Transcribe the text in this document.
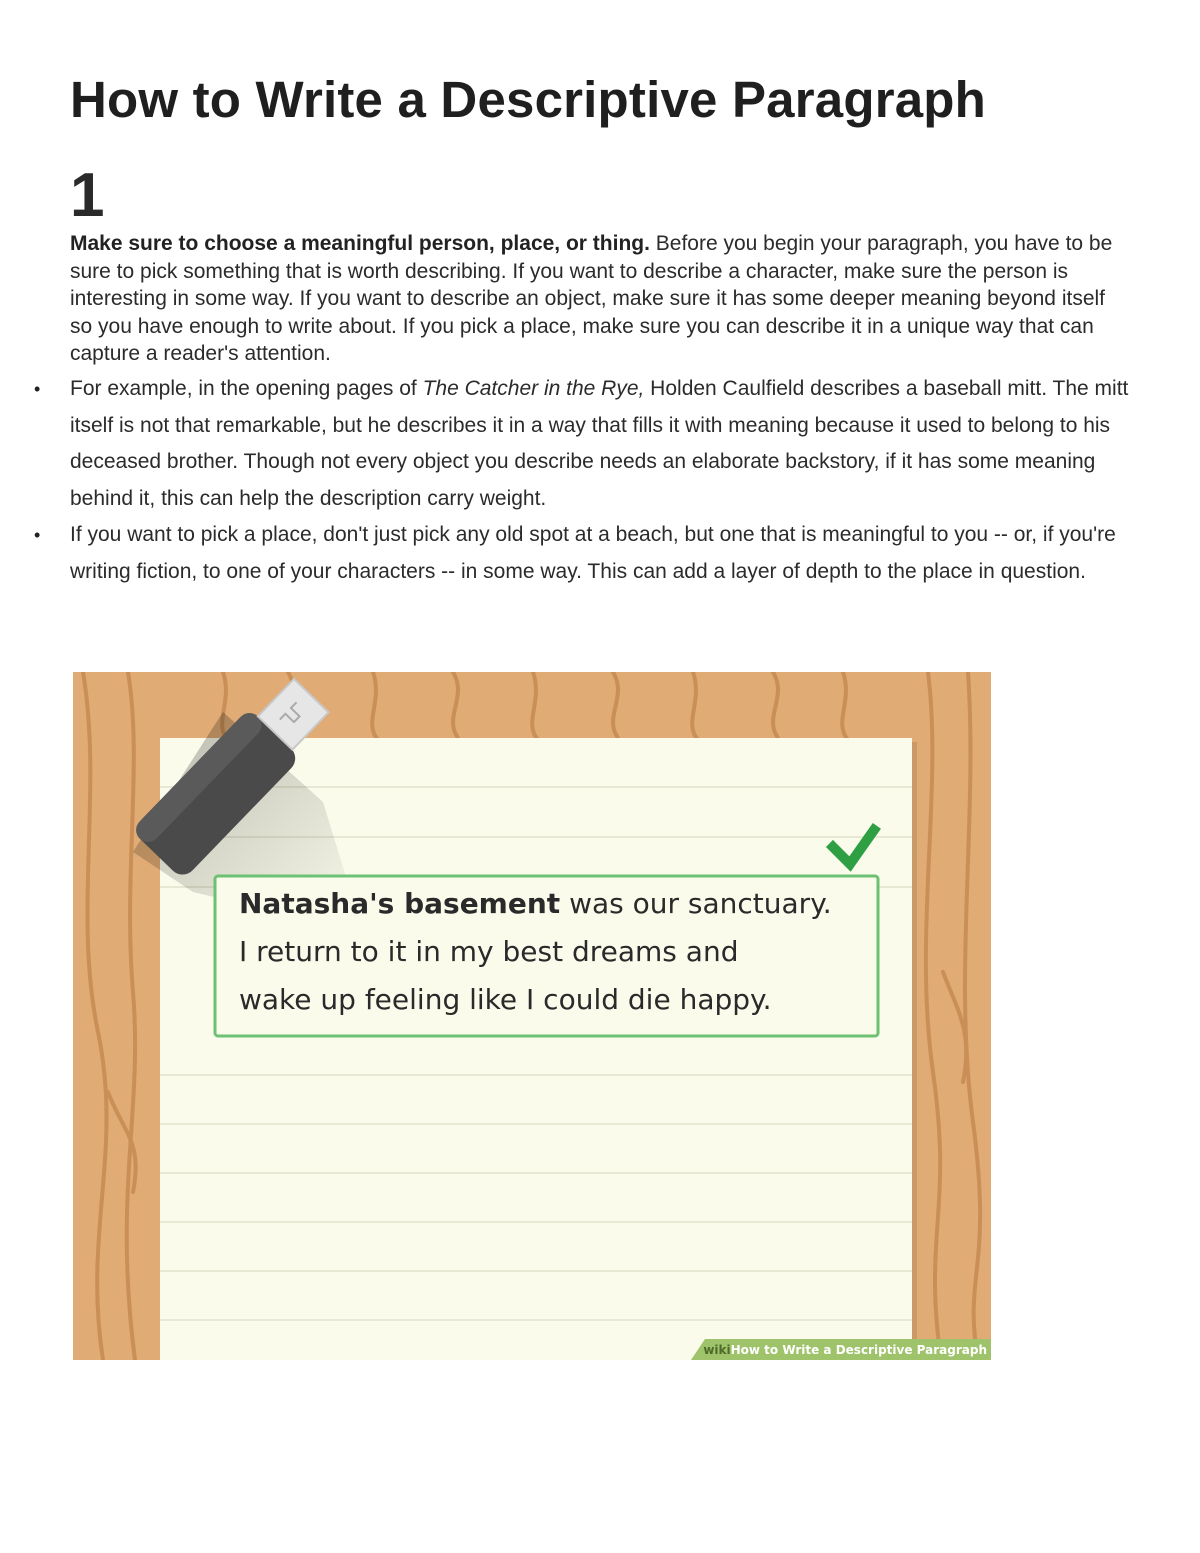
How to Write a Descriptive Paragraph
1

Make sure to choose a meaningful person, place, or thing. Before you begin your paragraph, you have to be sure to pick something that is worth describing. If you want to describe a character, make sure the person is interesting in some way. If you want to describe an object, make sure it has some deeper meaning beyond itself so you have enough to write about. If you pick a place, make sure you can describe it in a unique way that can capture a reader's attention.

• For example, in the opening pages of The Catcher in the Rye, Holden Caulfield describes a baseball mitt. The mitt itself is not that remarkable, but he describes it in a way that fills it with meaning because it used to belong to his deceased brother. Though not every object you describe needs an elaborate backstory, if it has some meaning behind it, this can help the description carry weight.
• If you want to pick a place, don't just pick any old spot at a beach, but one that is meaningful to you -- or, if you're writing fiction, to one of your characters -- in some way. This can add a layer of depth to the place in question.
Natasha's basement was our sanctuary.
I return to it in my best dreams and
wake up feeling like I could die happy.
wikiHow to Write a Descriptive Paragraph
